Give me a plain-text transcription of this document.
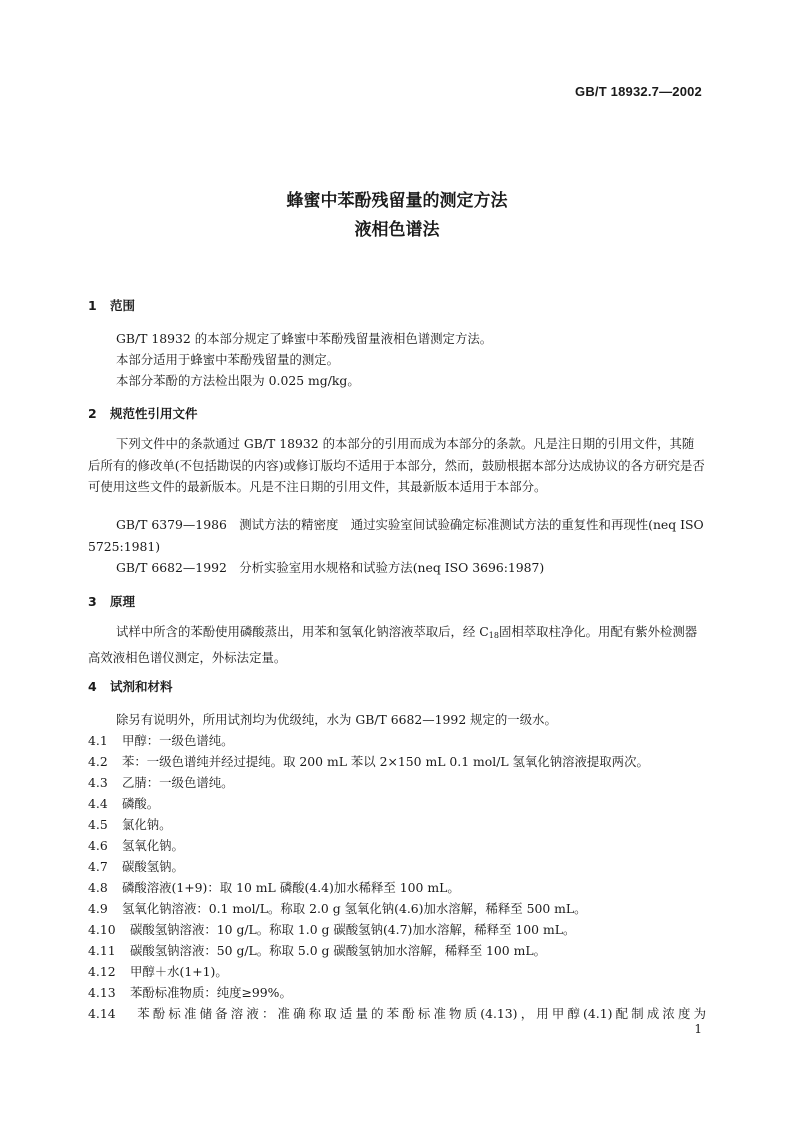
GB/T 18932.7—2002
蜂蜜中苯酚残留量的测定方法
液相色谱法
1 范围
GB/T 18932 的本部分规定了蜂蜜中苯酚残留量液相色谱测定方法。
本部分适用于蜂蜜中苯酚残留量的测定。
本部分苯酚的方法检出限为 0.025 mg/kg。
2 规范性引用文件
下列文件中的条款通过 GB/T 18932 的本部分的引用而成为本部分的条款。凡是注日期的引用文件，其随后所有的修改单(不包括勘误的内容)或修订版均不适用于本部分，然而，鼓励根据本部分达成协议的各方研究是否可使用这些文件的最新版本。凡是不注日期的引用文件，其最新版本适用于本部分。
GB/T 6379—1986　测试方法的精密度　通过实验室间试验确定标准测试方法的重复性和再现性(neq ISO 5725:1981)
GB/T 6682—1992　分析实验室用水规格和试验方法(neq ISO 3696:1987)
3 原理
试样中所含的苯酚使用磷酸蒸出，用苯和氢氧化钠溶液萃取后，经 $C_{18}$固相萃取柱净化。用配有紫外检测器高效液相色谱仪测定，外标法定量。
4 试剂和材料
除另有说明外，所用试剂均为优级纯，水为 GB/T 6682—1992 规定的一级水。
4.1 甲醇：一级色谱纯。
4.2 苯：一级色谱纯并经过提纯。取 200 mL 苯以 2×150 mL 0.1 mol/L 氢氧化钠溶液提取两次。
4.3 乙腈：一级色谱纯。
4.4 磷酸。
4.5 氯化钠。
4.6 氢氧化钠。
4.7 碳酸氢钠。
4.8 磷酸溶液(1+9)：取 10 mL 磷酸(4.4)加水稀释至 100 mL。
4.9 氢氧化钠溶液：0.1 mol/L。称取 2.0 g 氢氧化钠(4.6)加水溶解，稀释至 500 mL。
4.10 碳酸氢钠溶液：10 g/L。称取 1.0 g 碳酸氢钠(4.7)加水溶解，稀释至 100 mL。
4.11 碳酸氢钠溶液：50 g/L。称取 5.0 g 碳酸氢钠加水溶解，稀释至 100 mL。
4.12 甲醇＋水(1+1)。
4.13 苯酚标准物质：纯度≥99%。
4.14 苯酚标准储备溶液：准确称取适量的苯酚标准物质(4.13)，用甲醇(4.1)配制成浓度为
1
